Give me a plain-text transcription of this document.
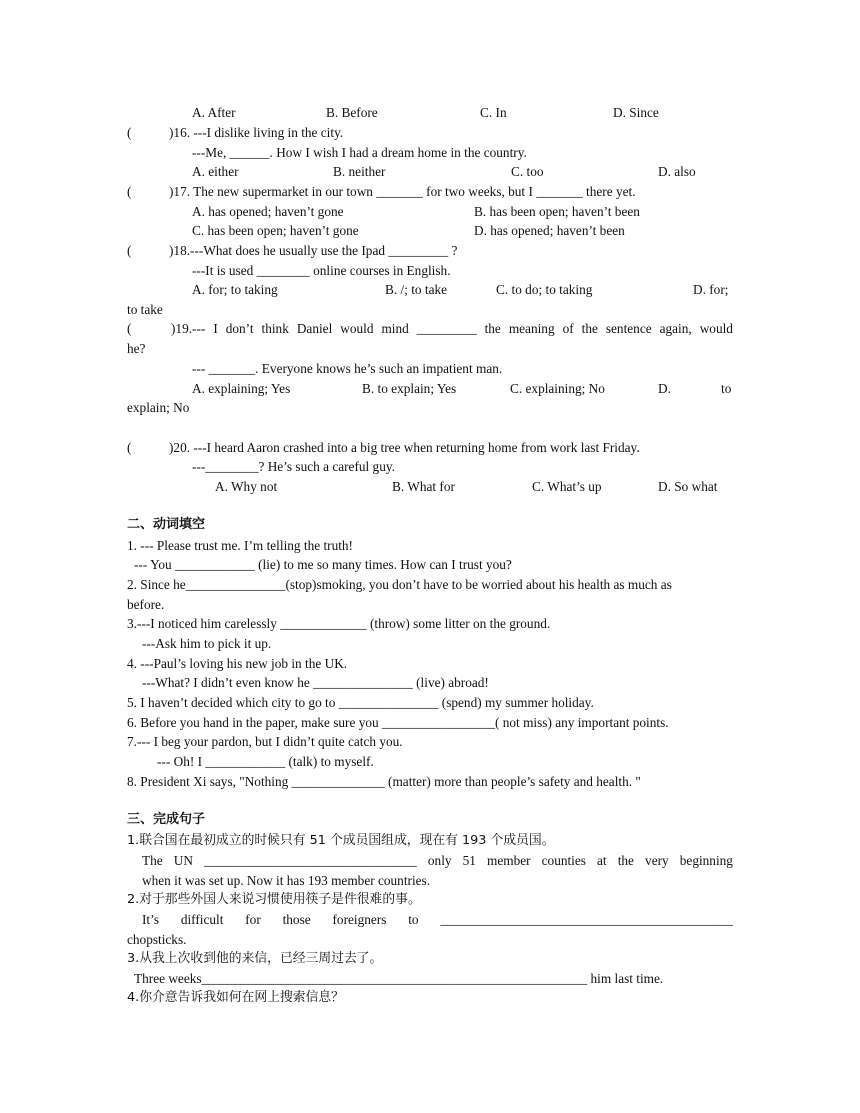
A. After	B. Before	C. In	D. Since
(	)16. ---I dislike living in the city.
---Me, ______. How I wish I had a dream home in the country.
A. either	B. neither	C. too	D. also
(	)17. The new supermarket in our town _______ for two weeks, but I _______ there yet.
A. has opened; haven’t gone	B. has been open; haven’t been
C. has been open; haven’t gone	D. has opened; haven’t been
(	)18.---What does he usually use the Ipad _________ ?
---It is used ________ online courses in English.
A. for; to taking	B. /; to take	C. to do; to taking	D. for;
to take
(	)19.--- I don’t think Daniel would mind _________ the meaning of the sentence again, would
he?
--- _______. Everyone knows he’s such an impatient man.
A. explaining; Yes	B. to explain; Yes	C. explaining; No	D.	to
explain; No
(	)20. ---I heard Aaron crashed into a big tree when returning home from work last Friday.
---________? He’s such a careful guy.
A. Why not	B. What for	C. What’s up	D. So what
二、动词填空
1. --- Please trust me. I’m telling the truth!
--- You ____________ (lie) to me so many times. How can I trust you?
2. Since he_______________(stop)smoking, you don’t have to be worried about his health as much as
before.
3.---I noticed him carelessly _____________ (throw) some litter on the ground.
---Ask him to pick it up.
4. ---Paul’s loving his new job in the UK.
---What? I didn’t even know he _______________ (live) abroad!
5. I haven’t decided which city to go to _______________ (spend) my summer holiday.
6. Before you hand in the paper, make sure you _________________( not miss) any important points.
7.--- I beg your pardon, but I didn’t quite catch you.
--- Oh! I ____________ (talk) to myself.
8. President Xi says, "Nothing ______________ (matter) more than people’s safety and health. "
三、完成句子
1.联合国在最初成立的时候只有 51 个成员国组成，现在有 193 个成员国。
The UN ________________________________ only 51 member counties at the very beginning
when it was set up. Now it has 193 member countries.
2.对于那些外国人来说习惯使用筷子是件很难的事。
It’s difficult for those foreigners to ____________________________________________
chopsticks.
3.从我上次收到他的来信，已经三周过去了。
Three weeks__________________________________________________________ him last time.
4.你介意告诉我如何在网上搜索信息？
